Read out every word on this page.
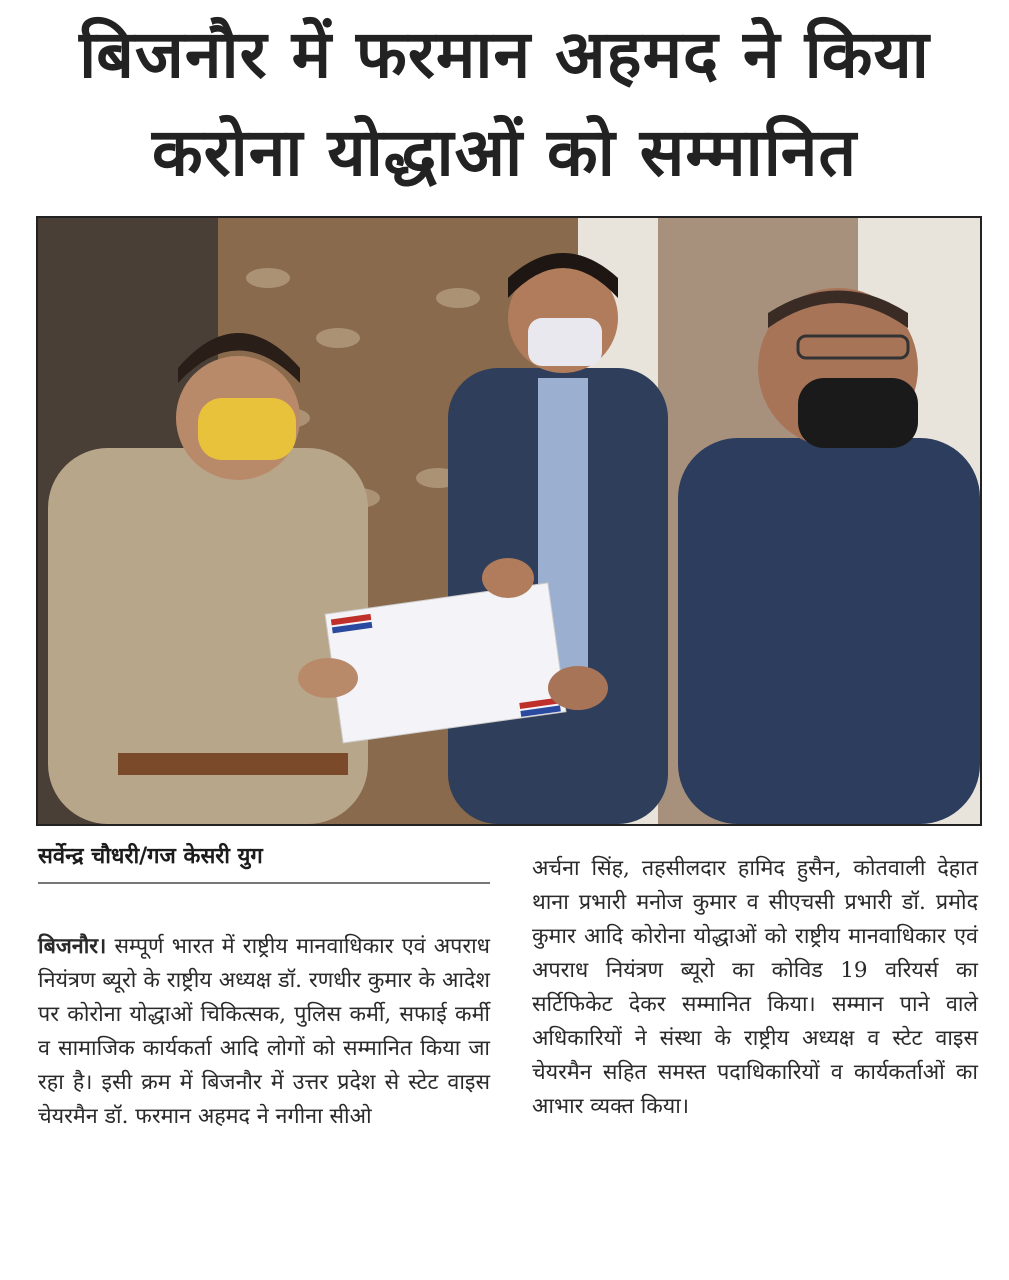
बिजनौर में फरमान अहमद ने किया
करोना योद्धाओं को सम्मानित
सर्वेन्द्र चौधरी/गज केसरी युग
बिजनौर। सम्पूर्ण भारत में राष्ट्रीय मानवाधिकार एवं अपराध नियंत्रण ब्यूरो के राष्ट्रीय अध्यक्ष डॉ. रणधीर कुमार के आदेश पर कोरोना योद्धाओं चिकित्सक, पुलिस कर्मी, सफाई कर्मी व सामाजिक कार्यकर्ता आदि लोगों को सम्मानित किया जा रहा है। इसी क्रम में बिजनौर में उत्तर प्रदेश से स्टेट वाइस चेयरमैन डॉ. फरमान अहमद ने नगीना सीओ
अर्चना सिंह, तहसीलदार हामिद हुसैन, कोतवाली देहात थाना प्रभारी मनोज कुमार व सीएचसी प्रभारी डॉ. प्रमोद कुमार आदि कोरोना योद्धाओं को राष्ट्रीय मानवाधिकार एवं अपराध नियंत्रण ब्यूरो का कोविड 19 वरियर्स का सर्टिफिकेट देकर सम्मानित किया। सम्मान पाने वाले अधिकारियों ने संस्था के राष्ट्रीय अध्यक्ष व स्टेट वाइस चेयरमैन सहित समस्त पदाधिकारियों व कार्यकर्ताओं का आभार व्यक्त किया।
